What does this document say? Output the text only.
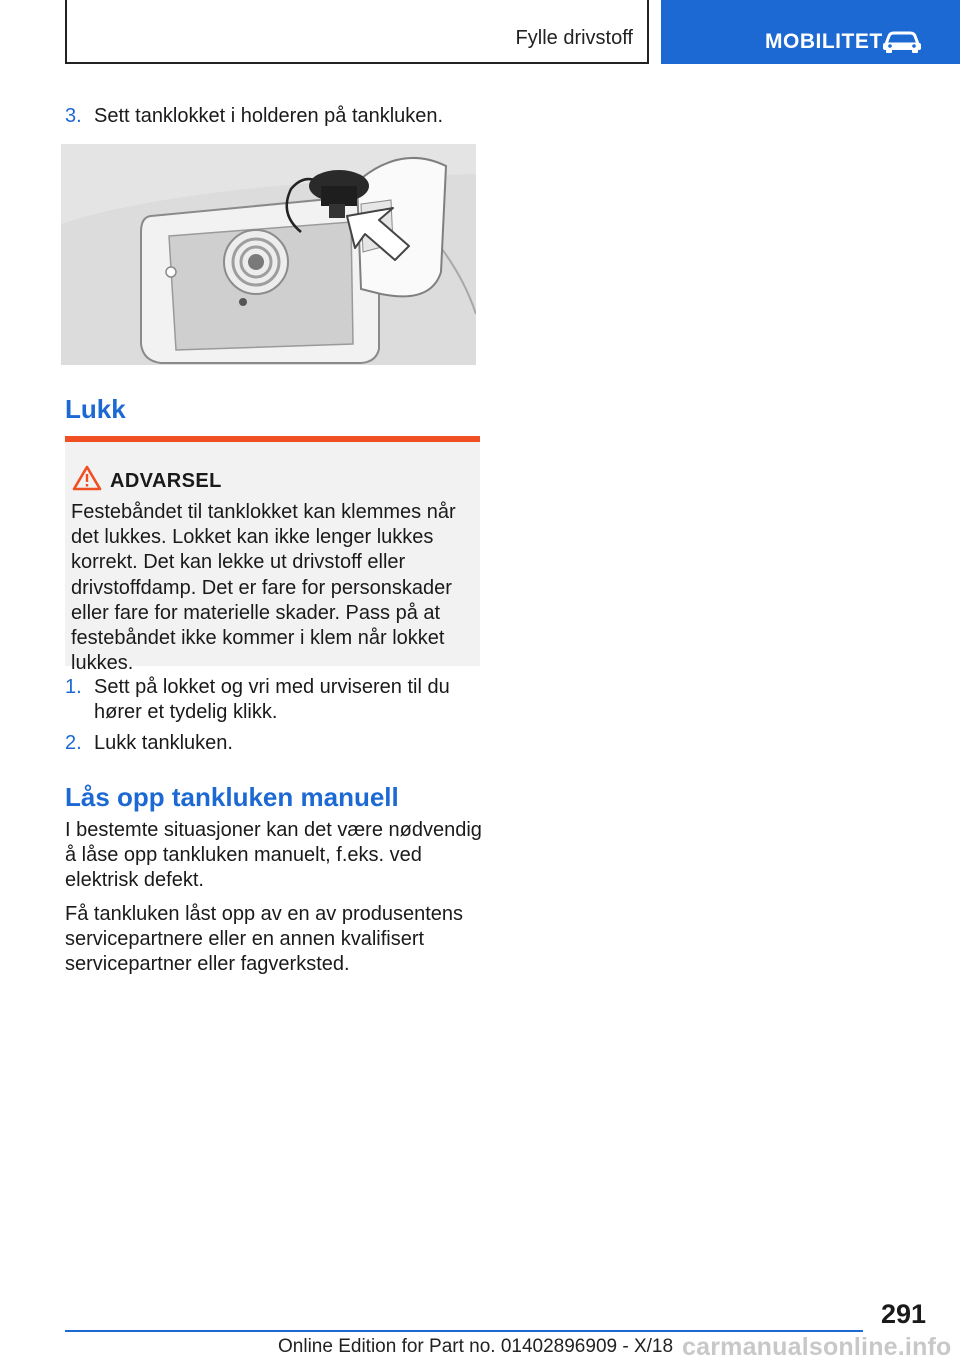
Fylle drivstoff	MOBILITET
3. Sett tanklokket i holderen på tankluken.
Lukk
ADVARSEL
Festebåndet til tanklokket kan klemmes når det lukkes. Lokket kan ikke lenger lukkes korrekt. Det kan lekke ut drivstoff eller drivstoffdamp. Det er fare for personskader eller fare for materielle skader. Pass på at festebåndet ikke kommer i klem når lokket lukkes.
1. Sett på lokket og vri med urviseren til du hører et tydelig klikk.
2. Lukk tankluken.
Lås opp tankluken manuell
I bestemte situasjoner kan det være nødvendig å låse opp tankluken manuelt, f.eks. ved elektrisk defekt.
Få tankluken låst opp av en av produsentens servicepartnere eller en annen kvalifisert servicepartner eller fagverksted.
291
Online Edition for Part no. 01402896909 - X/18 carmanualsonline.info
